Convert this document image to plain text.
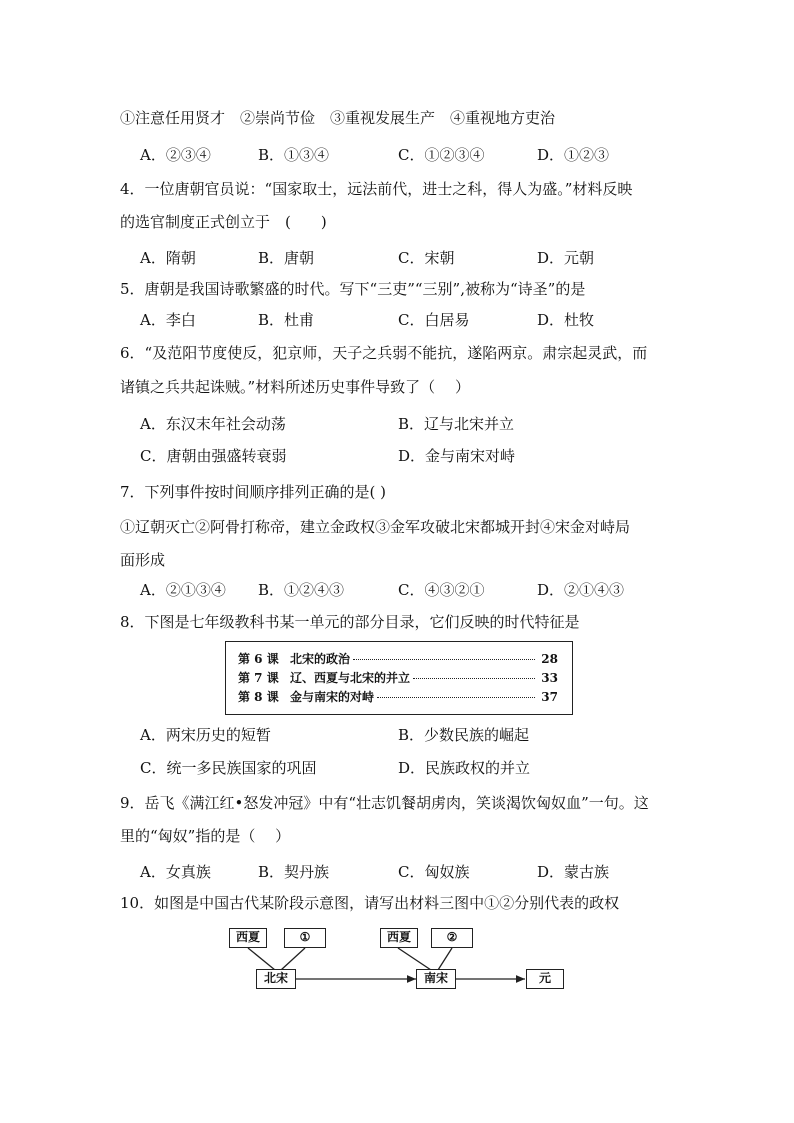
①注意任用贤才　②崇尚节俭　③重视发展生产　④重视地方吏治
A．②③④	B．①③④	C．①②③④	D．①②③
4．一位唐朝官员说：“国家取士，远法前代，进士之科，得人为盛。”材料反映
的选官制度正式创立于　(　　)
A．隋朝	B．唐朝	C．宋朝	D．元朝
5．唐朝是我国诗歌繁盛的时代。写下“三吏”“三别”,被称为“诗圣”的是
A．李白	B．杜甫	C．白居易	D．杜牧
6．“及范阳节度使反，犯京师，天子之兵弱不能抗，遂陷两京。肃宗起灵武，而
诸镇之兵共起诛贼。”材料所述历史事件导致了（　 ）
A．东汉末年社会动荡	B．辽与北宋并立
C．唐朝由强盛转衰弱	D．金与南宋对峙
7．下列事件按时间顺序排列正确的是( )
①辽朝灭亡②阿骨打称帝，建立金政权③金军攻破北宋都城开封④宋金对峙局
面形成
A．②①③④ B．①②④③	C．④③②①	D．②①④③
8．下图是七年级教科书某一单元的部分目录，它们反映的时代特征是
第 6 课 北宋的政治	28
第 7 课 辽、西夏与北宋的并立	33
第 8 课 金与南宋的对峙	37
A．两宋历史的短暂	B．少数民族的崛起
C．统一多民族国家的巩固	D．民族政权的并立
9．岳飞《满江红•怒发冲冠》中有“壮志饥餐胡虏肉，笑谈渴饮匈奴血”一句。这
里的“匈奴”指的是（　 ）
A．女真族	B．契丹族	C．匈奴族	D．蒙古族
10．如图是中国古代某阶段示意图，请写出材料三图中①②分别代表的政权
西夏	①	西夏	②
北宋	南宋	元
